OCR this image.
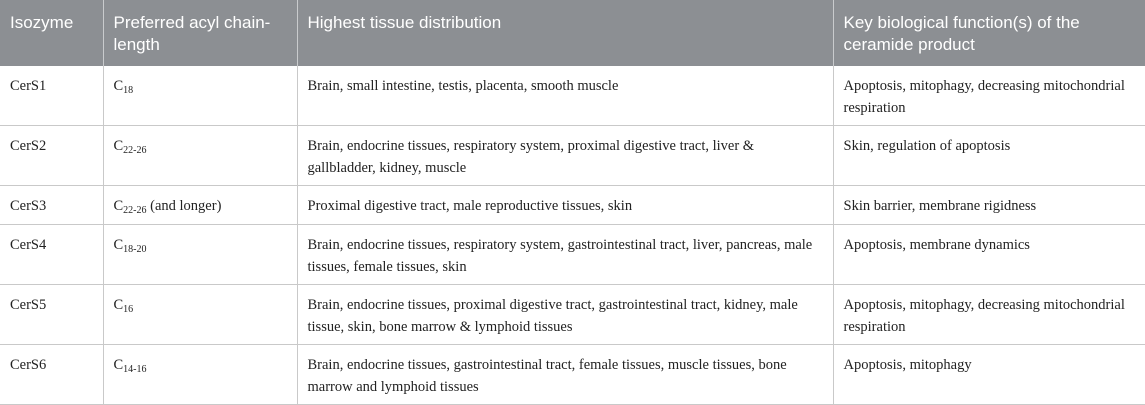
Isozyme	Preferred acyl chain-length	Highest tissue distribution	Key biological function(s) of the ceramide product
CerS1	$C_{18}$	Brain, small intestine, testis, placenta, smooth muscle	Apoptosis, mitophagy, decreasing mitochondrial respiration
CerS2	$C_{22-26}$	Brain, endocrine tissues, respiratory system, proximal digestive tract, liver & gallbladder, kidney, muscle	Skin, regulation of apoptosis
CerS3	$C_{22-26}$ (and longer)	Proximal digestive tract, male reproductive tissues, skin	Skin barrier, membrane rigidness
CerS4	$C_{18-20}$	Brain, endocrine tissues, respiratory system, gastrointestinal tract, liver, pancreas, male tissues, female tissues, skin	Apoptosis, membrane dynamics
CerS5	$C_{16}$	Brain, endocrine tissues, proximal digestive tract, gastrointestinal tract, kidney, male tissue, skin, bone marrow & lymphoid tissues	Apoptosis, mitophagy, decreasing mitochondrial respiration
CerS6	$C_{14-16}$	Brain, endocrine tissues, gastrointestinal tract, female tissues, muscle tissues, bone marrow and lymphoid tissues	Apoptosis, mitophagy
